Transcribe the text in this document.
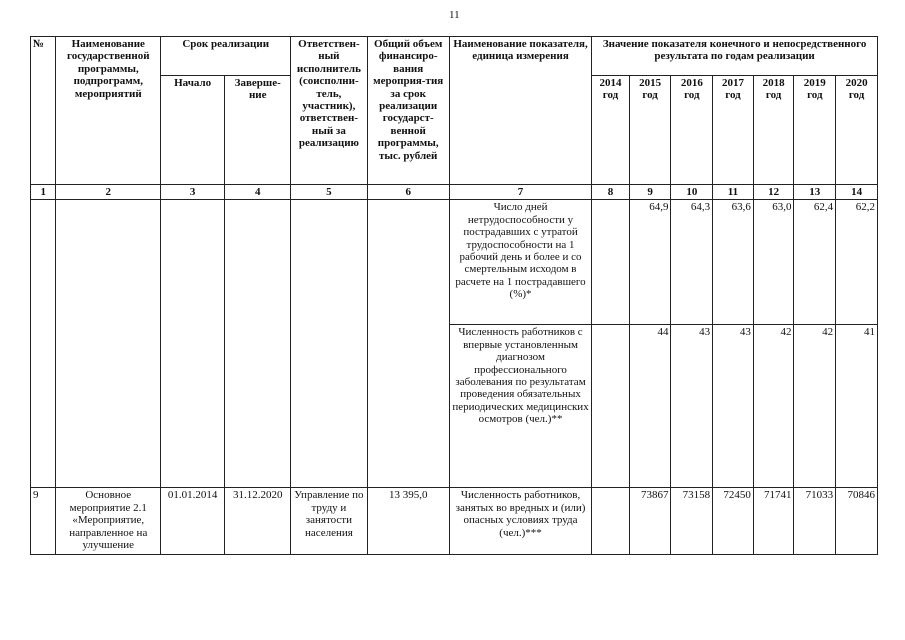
11
№	Наименование государственной программы, подпрограмм, мероприятий	Срок реализации		Ответствен-ный исполнитель (соисполни-тель, участник), ответствен-ный за реализацию	Общий объем финансиро-вания мероприя-тия за срок реализации государст-венной программы, тыс. рублей	Наименование показателя, единица измерения	Значение показателя конечного и непосредственного результата по годам реализации						
		Начало	Заверше-ние				2014 год	2015 год	2016 год	2017 год	2018 год	2019 год	2020 год
1	2	3	4	5	6	7	8	9	10	11	12	13	14
						Число дней нетрудоспособности у пострадавших с утратой трудоспособности на 1 рабочий день и более и со смертельным исходом в расчете на 1 пострадавшего (%)*		64,9	64,3	63,6	63,0	62,4	62,2
						Численность работников с впервые установленным диагнозом профессионального заболевания по результатам проведения обязательных периодических медицинских осмотров (чел.)**		44	43	43	42	42	41
9	Основное мероприятие 2.1 «Мероприятие, направленное на улучшение	01.01.2014	31.12.2020	Управление по труду и занятости населения	13 395,0	Численность работников, занятых во вредных и (или) опасных условиях труда (чел.)***		73867	73158	72450	71741	71033	70846
